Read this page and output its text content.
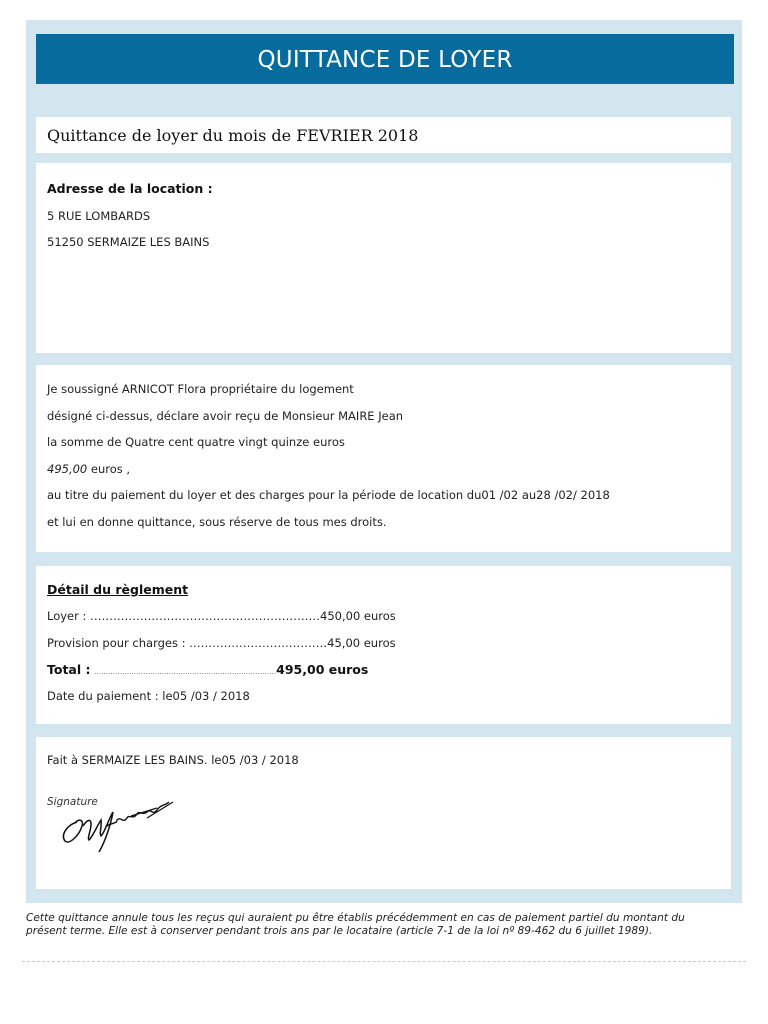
QUITTANCE DE LOYER
Quittance de loyer du mois de FEVRIER 2018
Adresse de la location :
5 RUE LOMBARDS
51250 SERMAIZE LES BAINS
Je soussigné ARNICOT Flora propriétaire du logement
désigné ci-dessus, déclare avoir reçu de Monsieur MAIRE Jean
la somme de Quatre cent quatre vingt quinze euros
495,00 euros ,
au titre du paiement du loyer et des charges pour la période de location du01 /02 au28 /02/ 2018
et lui en donne quittance, sous réserve de tous mes droits.
Détail du règlement
Loyer : ……………………………………………………450,00 euros
Provision pour charges : ………………………………45,00 euros
Total : ……………………………………………………………………495,00 euros
Date du paiement : le05 /03 / 2018
Fait à SERMAIZE LES BAINS. le05 /03 / 2018
Signature
Cette quittance annule tous les reçus qui auraient pu être établis précédemment en cas de paiement partiel du montant du présent terme. Elle est à conserver pendant trois ans par le locataire (article 7-1 de la loi nº 89-462 du 6 juillet 1989).
